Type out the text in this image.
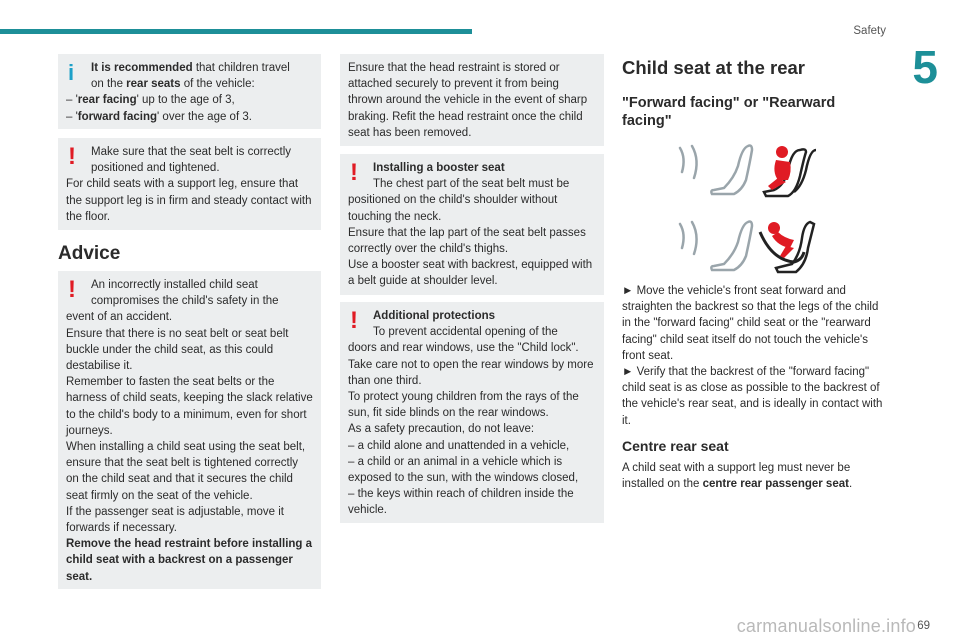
Safety
5
i	It is recommended that children travel

on the rear seats of the vehicle:

– 'rear facing' up to the age of 3,

– 'forward facing' over the age of 3.

!	Make sure that the seat belt is correctly

positioned and tightened.

For child seats with a support leg, ensure that the support leg is in firm and steady contact with the floor.

Advice
!	An incorrectly installed child seat

compromises the child's safety in the

event of an accident.

Ensure that there is no seat belt or seat belt buckle under the child seat, as this could destabilise it.

Remember to fasten the seat belts or the harness of child seats, keeping the slack relative to the child's body to a minimum, even for short journeys.

When installing a child seat using the seat belt, ensure that the seat belt is tightened correctly on the child seat and that it secures the child seat firmly on the seat of the vehicle.

If the passenger seat is adjustable, move it forwards if necessary.

Remove the head restraint before installing a child seat with a backrest on a passenger seat.

Ensure that the head restraint is stored or attached securely to prevent it from being thrown around the vehicle in the event of sharp braking. Refit the head restraint once the child seat has been removed.

!	Installing a booster seat

The chest part of the seat belt must be

positioned on the child's shoulder without touching the neck.

Ensure that the lap part of the seat belt passes correctly over the child's thighs.

Use a booster seat with backrest, equipped with a belt guide at shoulder level.

!	Additional protections

To prevent accidental opening of the

doors and rear windows, use the "Child lock".

Take care not to open the rear windows by more than one third.

To protect young children from the rays of the sun, fit side blinds on the rear windows.

As a safety precaution, do not leave:

– a child alone and unattended in a vehicle,

– a child or an animal in a vehicle which is exposed to the sun, with the windows closed,

– the keys within reach of children inside the vehicle.

Child seat at the rear
"Forward facing" or "Rearward facing"
► Move the vehicle's front seat forward and straighten the backrest so that the legs of the child in the "forward facing" child seat or the "rearward facing" child seat itself do not touch the vehicle's front seat.
► Verify that the backrest of the "forward facing" child seat is as close as possible to the backrest of the vehicle's rear seat, and is ideally in contact with it.
Centre rear seat
A child seat with a support leg must never be installed on the centre rear passenger seat.
carmanualsonline.info 69
